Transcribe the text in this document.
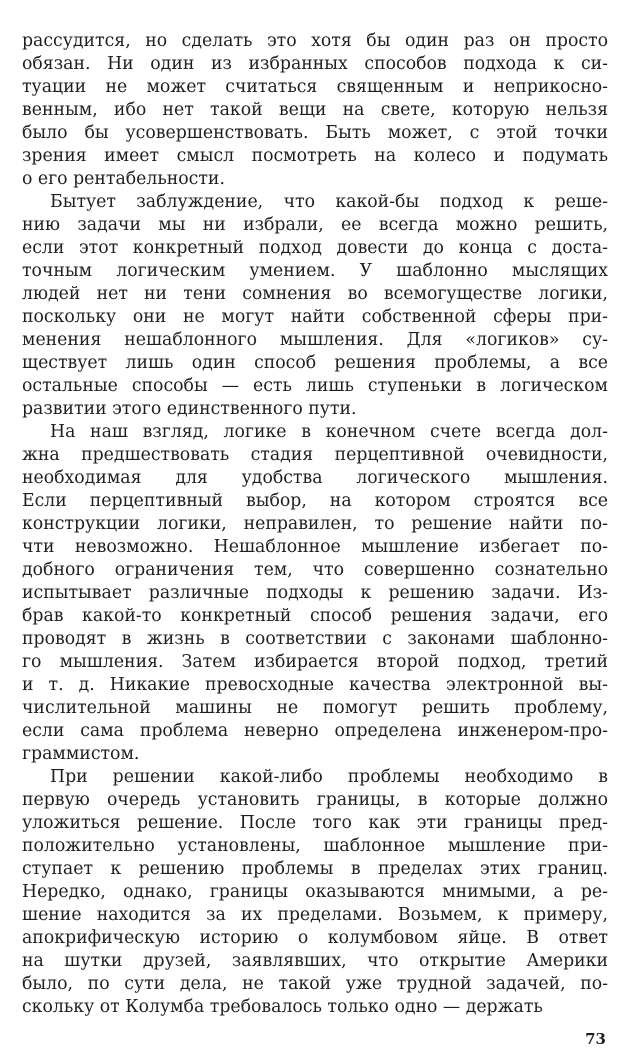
рассудится, но сделать это хотя бы один раз он просто
обязан. Ни один из избранных способов подхода к си-
туации не может считаться священным и неприкосно-
венным, ибо нет такой вещи на свете, которую нельзя
было бы усовершенствовать. Быть может, с этой точки
зрения имеет смысл посмотреть на колесо и подумать
о его рентабельности.
Бытует заблуждение, что какой-бы подход к реше-
нию задачи мы ни избрали, ее всегда можно решить,
если этот конкретный подход довести до конца с доста-
точным логическим умением. У шаблонно мыслящих
людей нет ни тени сомнения во всемогуществе логики,
поскольку они не могут найти собственной сферы при-
менения нешаблонного мышления. Для «логиков» су-
ществует лишь один способ решения проблемы, а все
остальные способы — есть лишь ступеньки в логическом
развитии этого единственного пути.
На наш взгляд, логике в конечном счете всегда дол-
жна предшествовать стадия перцептивной очевидности,
необходимая для удобства логического мышления.
Если перцептивный выбор, на котором строятся все
конструкции логики, неправилен, то решение найти по-
чти невозможно. Нешаблонное мышление избегает по-
добного ограничения тем, что совершенно сознательно
испытывает различные подходы к решению задачи. Из-
брав какой-то конкретный способ решения задачи, его
проводят в жизнь в соответствии с законами шаблонно-
го мышления. Затем избирается второй подход, третий
и т. д. Никакие превосходные качества электронной вы-
числительной машины не помогут решить проблему,
если сама проблема неверно определена инженером-про-
граммистом.
При решении какой-либо проблемы необходимо в
первую очередь установить границы, в которые должно
уложиться решение. После того как эти границы пред-
положительно установлены, шаблонное мышление при-
ступает к решению проблемы в пределах этих границ.
Нередко, однако, границы оказываются мнимыми, а ре-
шение находится за их пределами. Возьмем, к примеру,
апокрифическую историю о колумбовом яйце. В ответ
на шутки друзей, заявлявших, что открытие Америки
было, по сути дела, не такой уже трудной задачей, по-
скольку от Колумба требовалось только одно — держать
73
